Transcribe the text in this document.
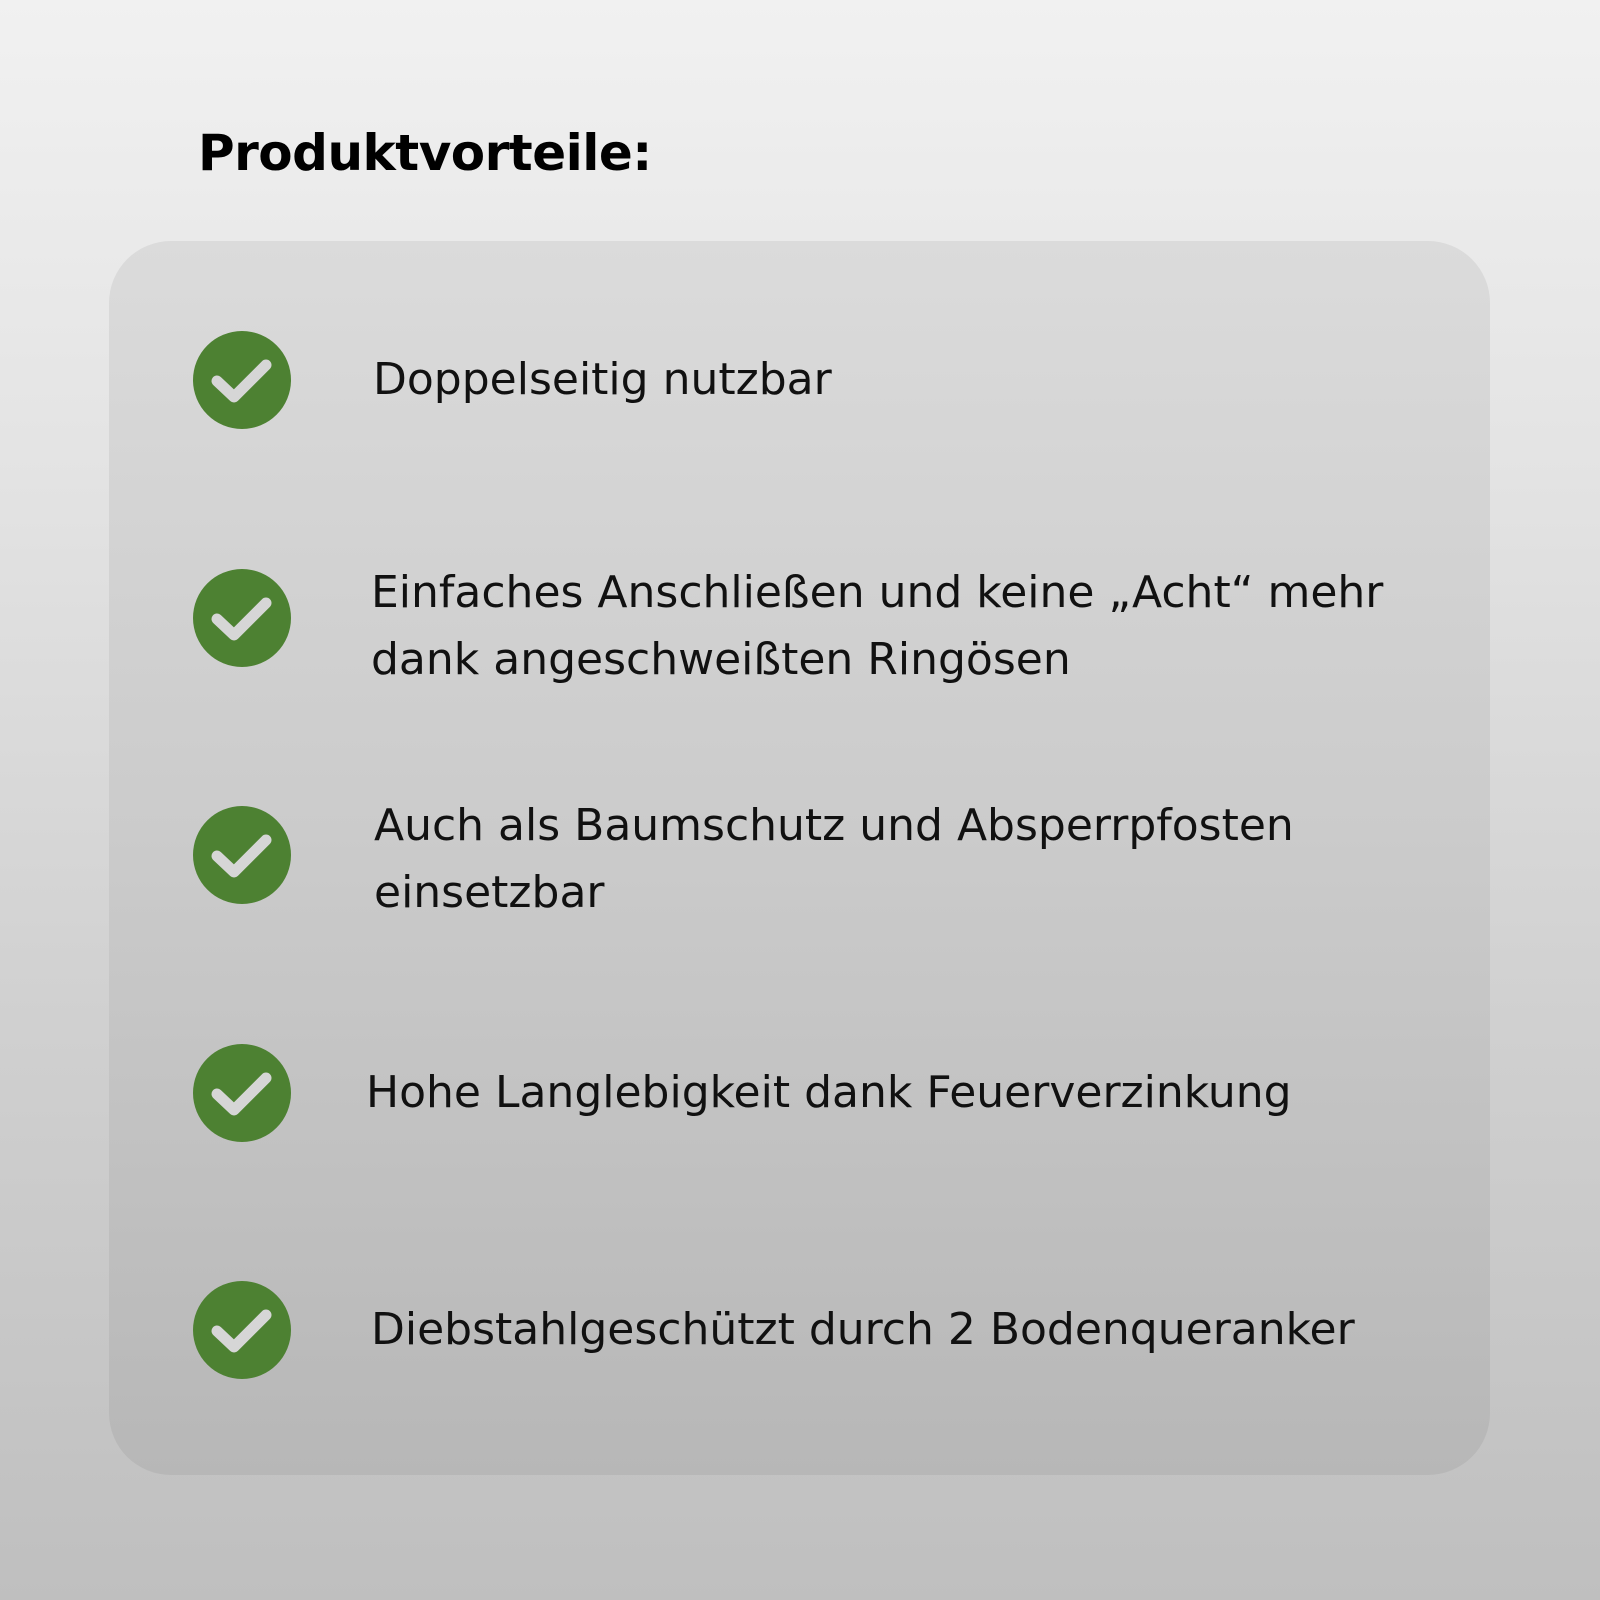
Produktvorteile:

Doppelseitig nutzbar

Einfaches Anschließen und keine „Acht“ mehr
dank angeschweißten Ringösen

Auch als Baumschutz und Absperrpfosten
einsetzbar

Hohe Langlebigkeit dank Feuerverzinkung

Diebstahlgeschützt durch 2 Bodenqueranker
